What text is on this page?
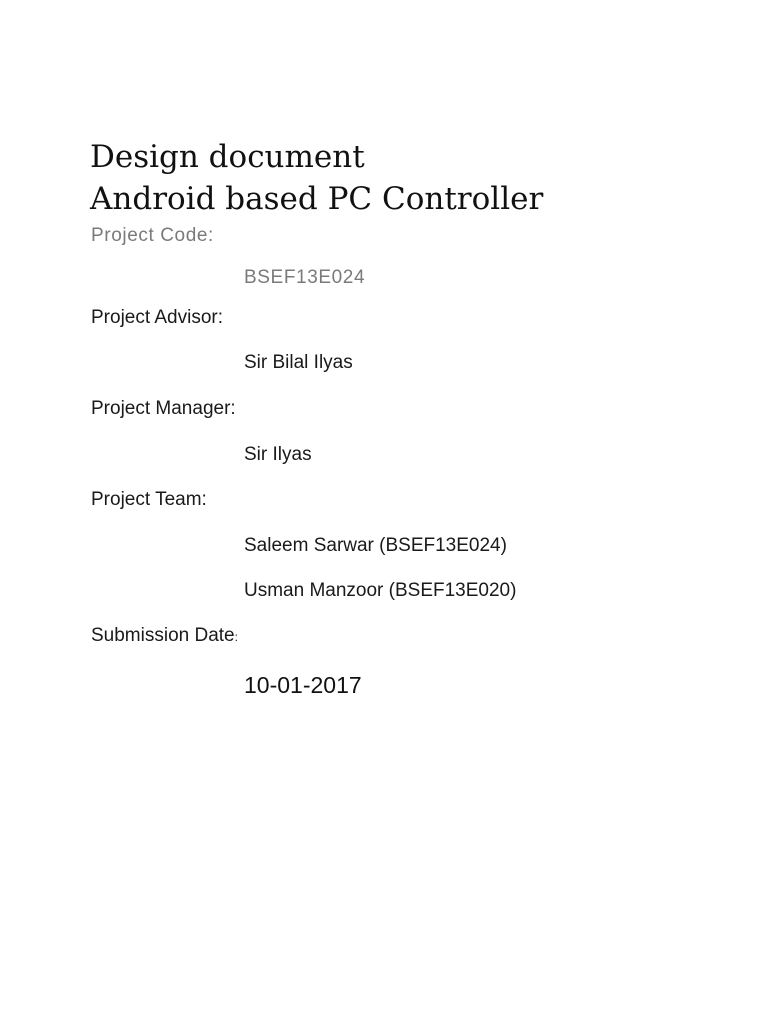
Design document
Android based PC Controller
Project Code:
BSEF13E024
Project Advisor:
Sir Bilal Ilyas
Project Manager:
Sir Ilyas
Project Team:
Saleem Sarwar (BSEF13E024)
Usman Manzoor (BSEF13E020)
Submission Date:
10-01-2017
